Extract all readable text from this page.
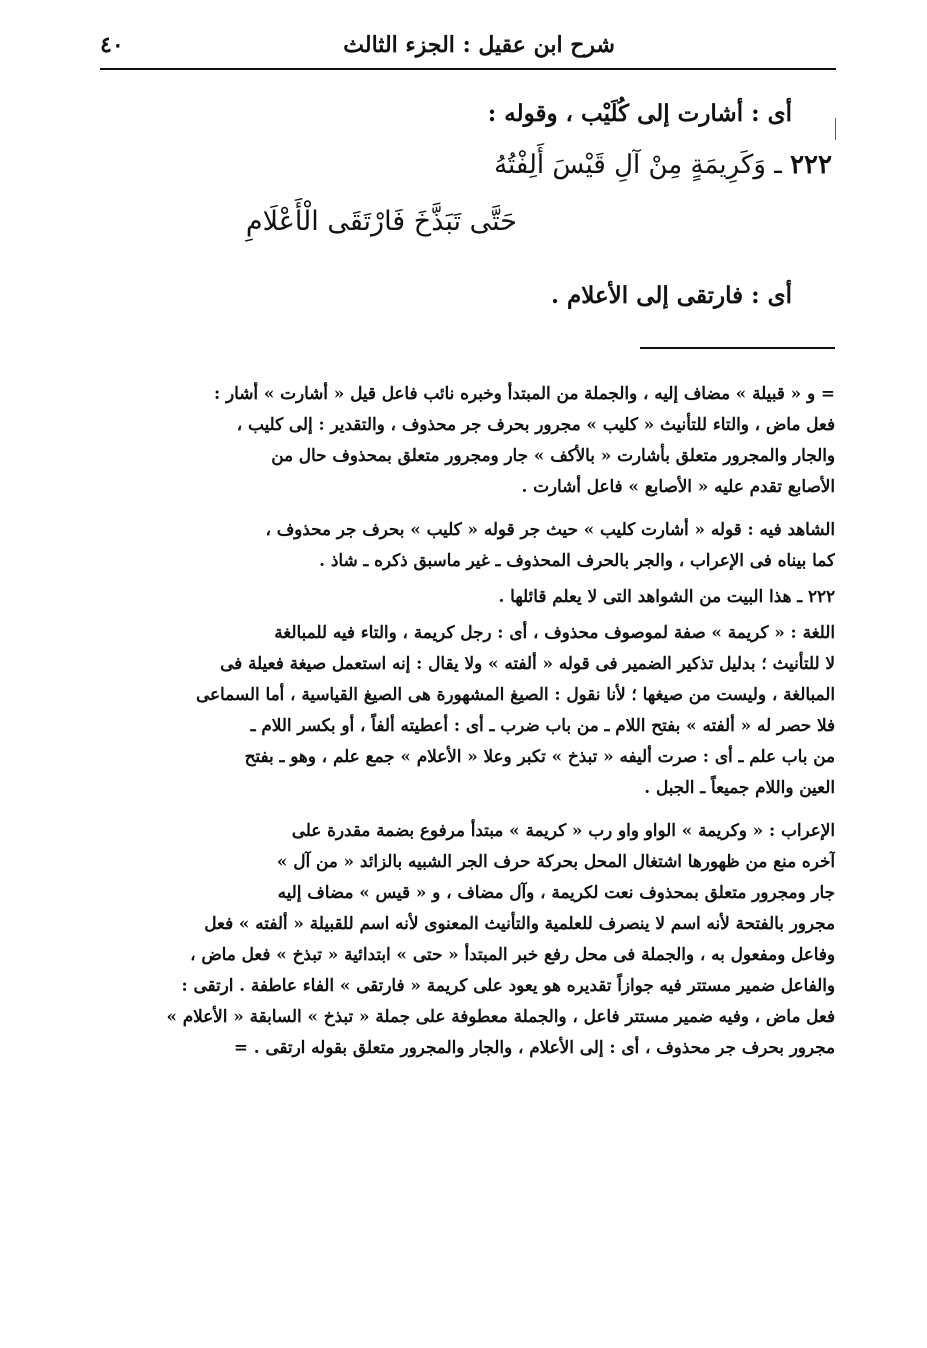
شرح ابن عقيل : الجزء الثالث
٤٠
أى : أشارت إلى كُلَيْب ، وقوله :
٢٢٢ ـ وَكَرِيمَةٍ مِنْ آلِ قَيْسَ أَلِفْتُهُ
حَتَّى تَبَذَّخَ فَارْتَقَى الْأَعْلَامِ
أى : فارتقى إلى الأعلام .

= و « قبيلة » مضاف إليه ، والجملة من المبتدأ وخبره نائب فاعل قيل « أشارت » أشار :

فعل ماض ، والتاء للتأنيث « كليب » مجرور بحرف جر محذوف ، والتقدير : إلى كليب ،

والجار والمجرور متعلق بأشارت « بالأكف » جار ومجرور متعلق بمحذوف حال من

الأصابع تقدم عليه « الأصابع » فاعل أشارت .

الشاهد فيه : قوله « أشارت كليب » حيث جر قوله « كليب » بحرف جر محذوف ،

كما بيناه فى الإعراب ، والجر بالحرف المحذوف ـ غير ماسبق ذكره ـ شاذ .

٢٢٢ ـ هذا البيت من الشواهد التى لا يعلم قائلها .

اللغة : « كريمة » صفة لموصوف محذوف ، أى : رجل كريمة ، والتاء فيه للمبالغة

لا للتأنيث ؛ بدليل تذكير الضمير فى قوله « ألفته » ولا يقال : إنه استعمل صيغة فعيلة فى

المبالغة ، وليست من صيغها ؛ لأنا نقول : الصيغ المشهورة هى الصيغ القياسية ، أما السماعى

فلا حصر له « ألفته » بفتح اللام ـ من باب ضرب ـ أى : أعطيته ألفاً ، أو بكسر اللام ـ

من باب علم ـ أى : صرت أليفه « تبذخ » تكبر وعلا « الأعلام » جمع علم ، وهو ـ بفتح

العين واللام جميعاً ـ الجبل .

الإعراب : « وكريمة » الواو واو رب « كريمة » مبتدأ مرفوع بضمة مقدرة على

آخره منع من ظهورها اشتغال المحل بحركة حرف الجر الشبيه بالزائد « من آل »

جار ومجرور متعلق بمحذوف نعت لكريمة ، وآل مضاف ، و « قيس » مضاف إليه

مجرور بالفتحة لأنه اسم لا ينصرف للعلمية والتأنيث المعنوى لأنه اسم للقبيلة « ألفته » فعل

وفاعل ومفعول به ، والجملة فى محل رفع خبر المبتدأ « حتى » ابتدائية « تبذخ » فعل ماض ،

والفاعل ضمير مستتر فيه جوازاً تقديره هو يعود على كريمة « فارتقى » الفاء عاطفة . ارتقى :

فعل ماض ، وفيه ضمير مستتر فاعل ، والجملة معطوفة على جملة « تبذخ » السابقة « الأعلام »

مجرور بحرف جر محذوف ، أى : إلى الأعلام ، والجار والمجرور متعلق بقوله ارتقى . =
